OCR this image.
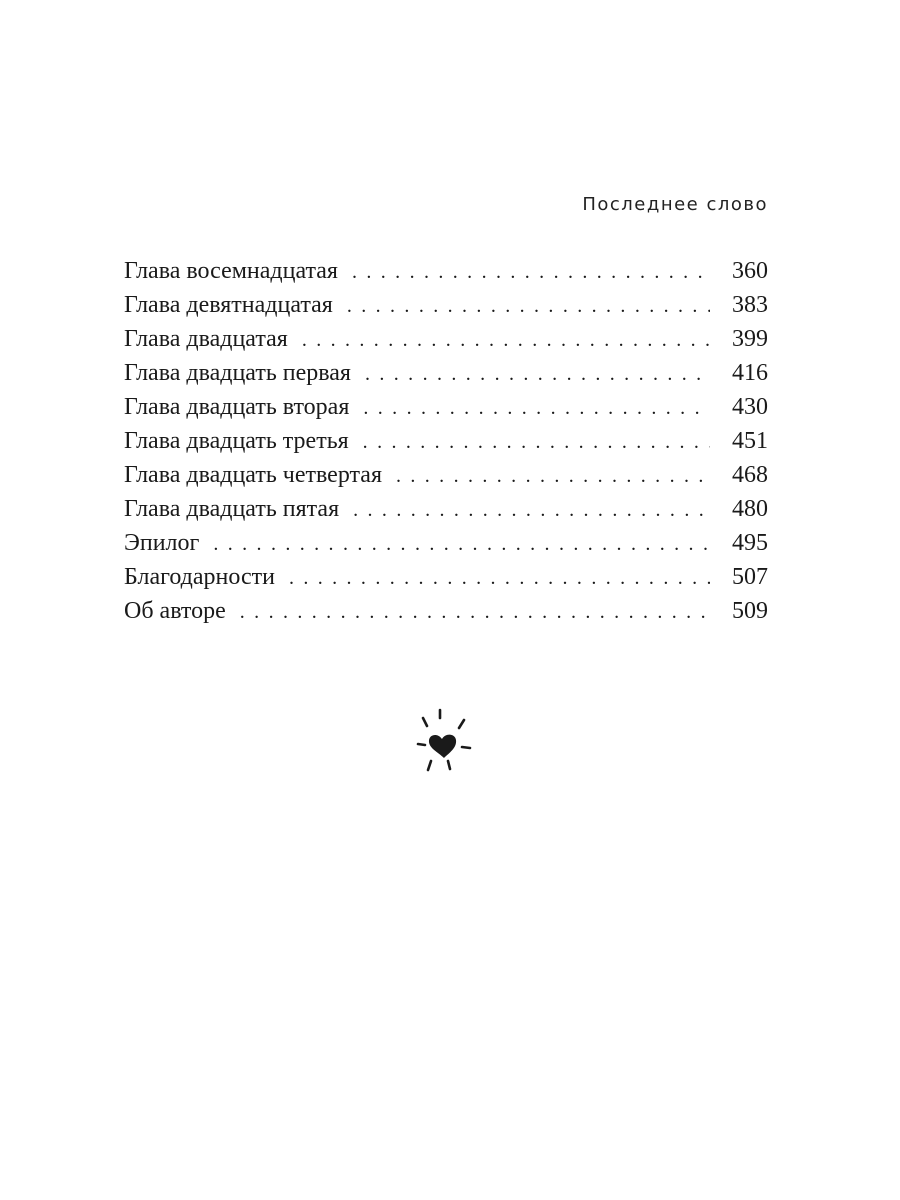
Последнее слово
Глава восемнадцатая . . .	360
Глава девятнадцатая . . .	383
Глава двадцатая . . .	399
Глава двадцать первая . . .	416
Глава двадцать вторая . . .	430
Глава двадцать третья . . .	451
Глава двадцать четвертая . . .	468
Глава двадцать пятая . . .	480
Эпилог . . .	495
Благодарности . . .	507
Об авторе . . .	509
